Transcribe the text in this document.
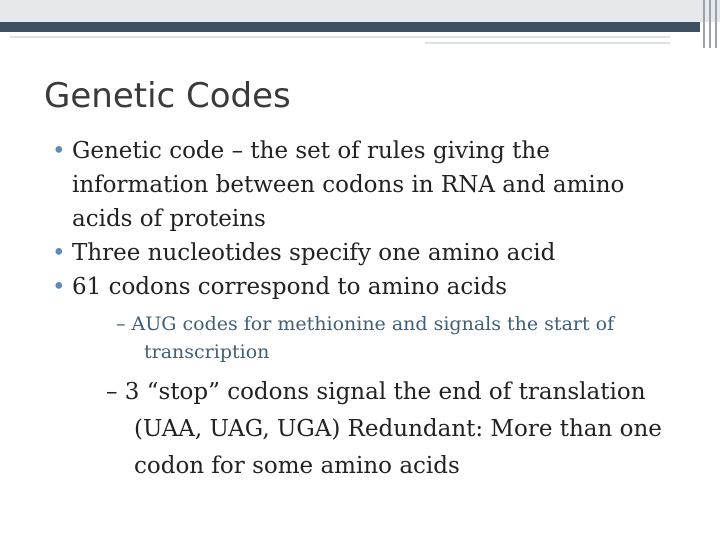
Genetic Codes
• Genetic code – the set of rules giving the information between codons in RNA and amino acids of proteins
• Three nucleotides specify one amino acid
• 61 codons correspond to amino acids
– AUG codes for methionine and signals the start of transcription
– 3 “stop” codons signal the end of translation (UAA, UAG, UGA) Redundant: More than one codon for some amino acids
